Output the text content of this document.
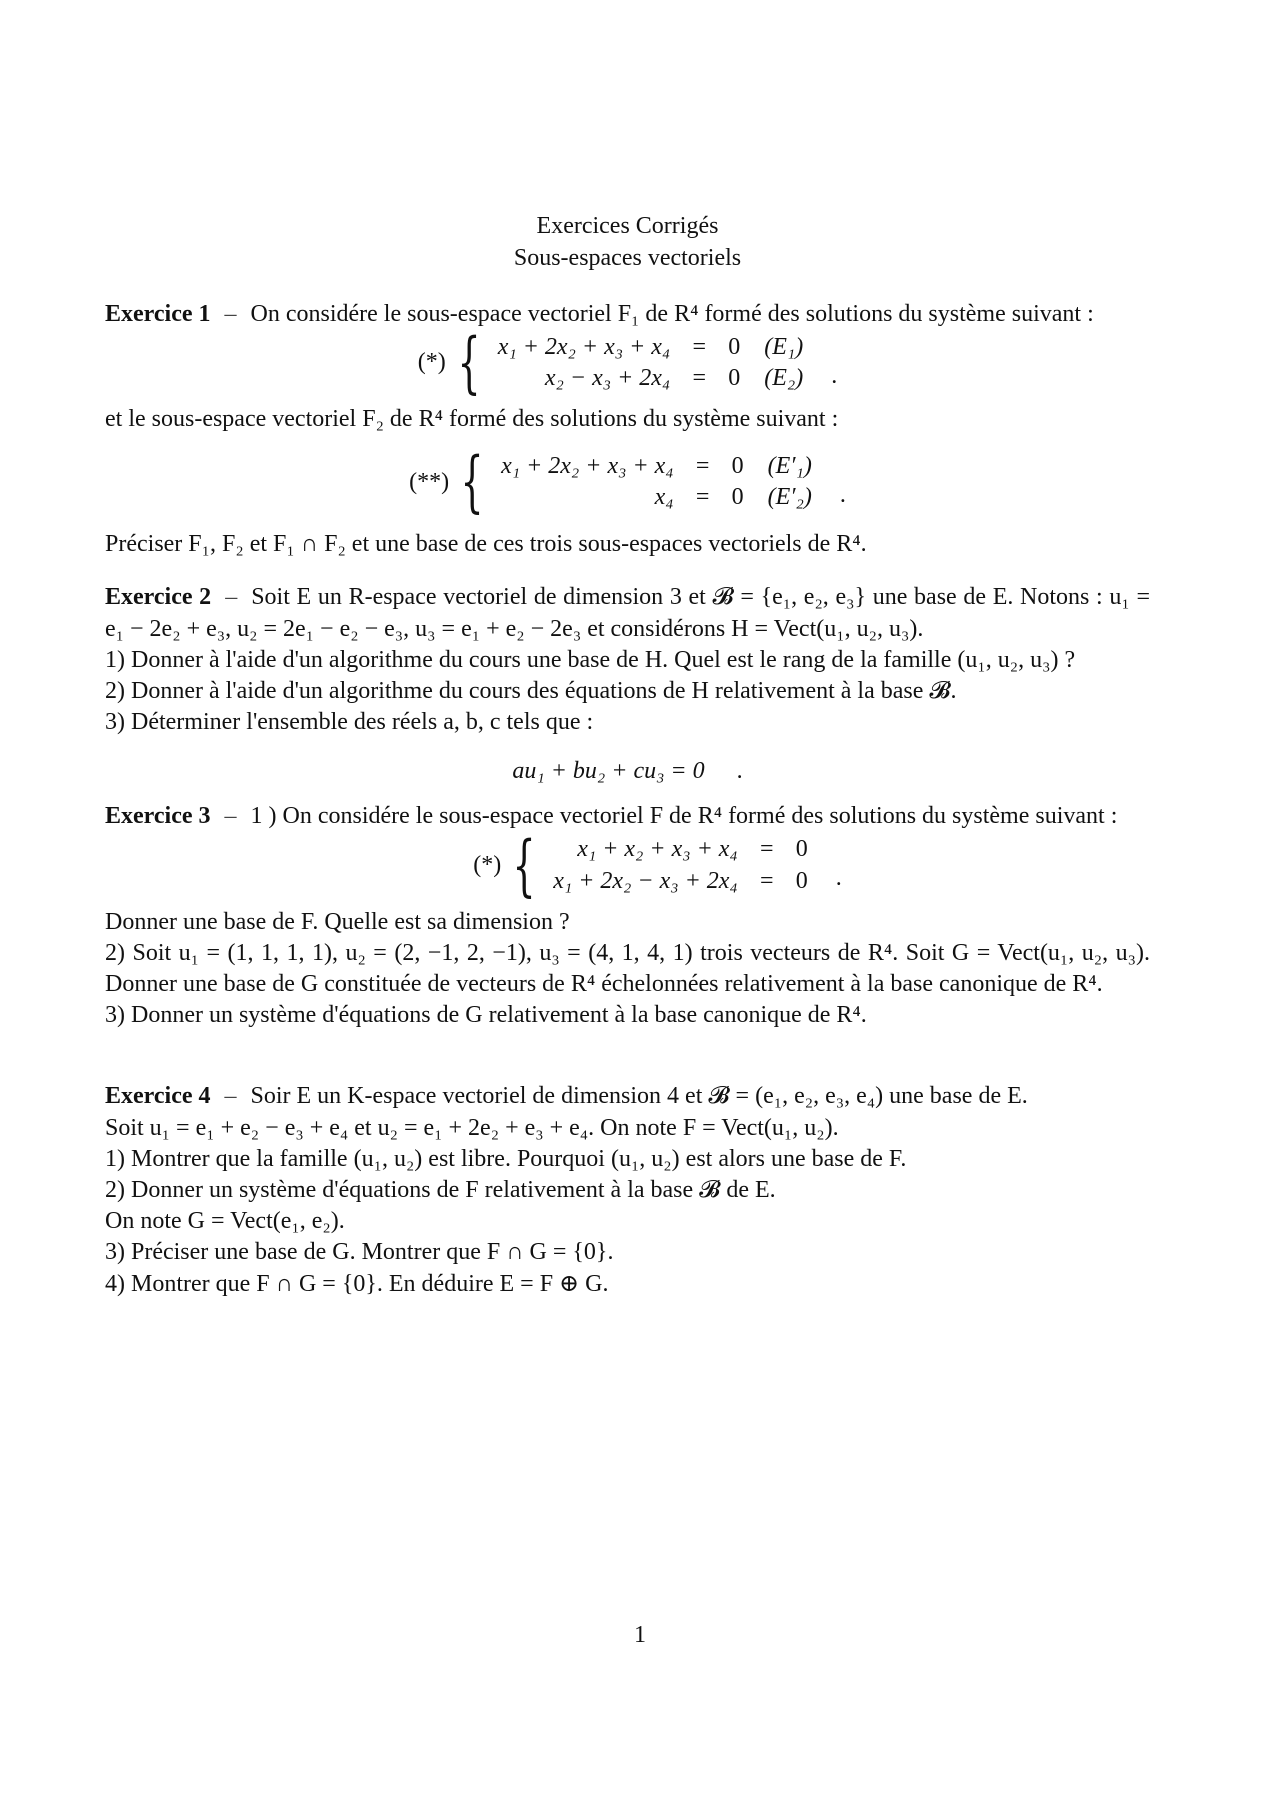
Exercices Corrigés
Sous-espaces vectoriels

Exercice 1 – On considére le sous-espace vectoriel F₁ de R⁴ formé des solutions du système suivant :

(*) { x₁ + 2x₂ + x₃ + x₄	=	0	(E₁)
x₂ − x₃ + 2x₄	=	0	(E₂) .

et le sous-espace vectoriel F₂ de R⁴ formé des solutions du système suivant :

(**) { x₁ + 2x₂ + x₃ + x₄	=	0	(E′₁)
x₄	=	0	(E′₂) .

Préciser F₁, F₂ et F₁ ∩ F₂ et une base de ces trois sous-espaces vectoriels de R⁴.

Exercice 2 – Soit E un R-espace vectoriel de dimension 3 et 𝓑 = {e₁, e₂, e₃} une base de E. Notons : u₁ = e₁ − 2e₂ + e₃, u₂ = 2e₁ − e₂ − e₃, u₃ = e₁ + e₂ − 2e₃ et considérons H = Vect(u₁, u₂, u₃).

1) Donner à l'aide d'un algorithme du cours une base de H. Quel est le rang de la famille (u₁, u₂, u₃) ?

2) Donner à l'aide d'un algorithme du cours des équations de H relativement à la base 𝓑.

3) Déterminer l'ensemble des réels a, b, c tels que :

au₁ + bu₂ + cu₃ = 0 .

Exercice 3 – 1 ) On considére le sous-espace vectoriel F de R⁴ formé des solutions du système suivant :

(*) { x₁ + x₂ + x₃ + x₄	=	0
x₁ + 2x₂ − x₃ + 2x₄	=	0 .

Donner une base de F. Quelle est sa dimension ?

2) Soit u₁ = (1, 1, 1, 1), u₂ = (2, −1, 2, −1), u₃ = (4, 1, 4, 1) trois vecteurs de R⁴. Soit G = Vect(u₁, u₂, u₃). Donner une base de G constituée de vecteurs de R⁴ échelonnées relativement à la base canonique de R⁴.

3) Donner un système d'équations de G relativement à la base canonique de R⁴.

Exercice 4 – Soir E un K-espace vectoriel de dimension 4 et 𝓑 = (e₁, e₂, e₃, e₄) une base de E.

Soit u₁ = e₁ + e₂ − e₃ + e₄ et u₂ = e₁ + 2e₂ + e₃ + e₄. On note F = Vect(u₁, u₂).

1) Montrer que la famille (u₁, u₂) est libre. Pourquoi (u₁, u₂) est alors une base de F.

2) Donner un système d'équations de F relativement à la base 𝓑 de E.

On note G = Vect(e₁, e₂).

3) Préciser une base de G. Montrer que F ∩ G = {0}.

4) Montrer que F ∩ G = {0}. En déduire E = F ⊕ G.

1
